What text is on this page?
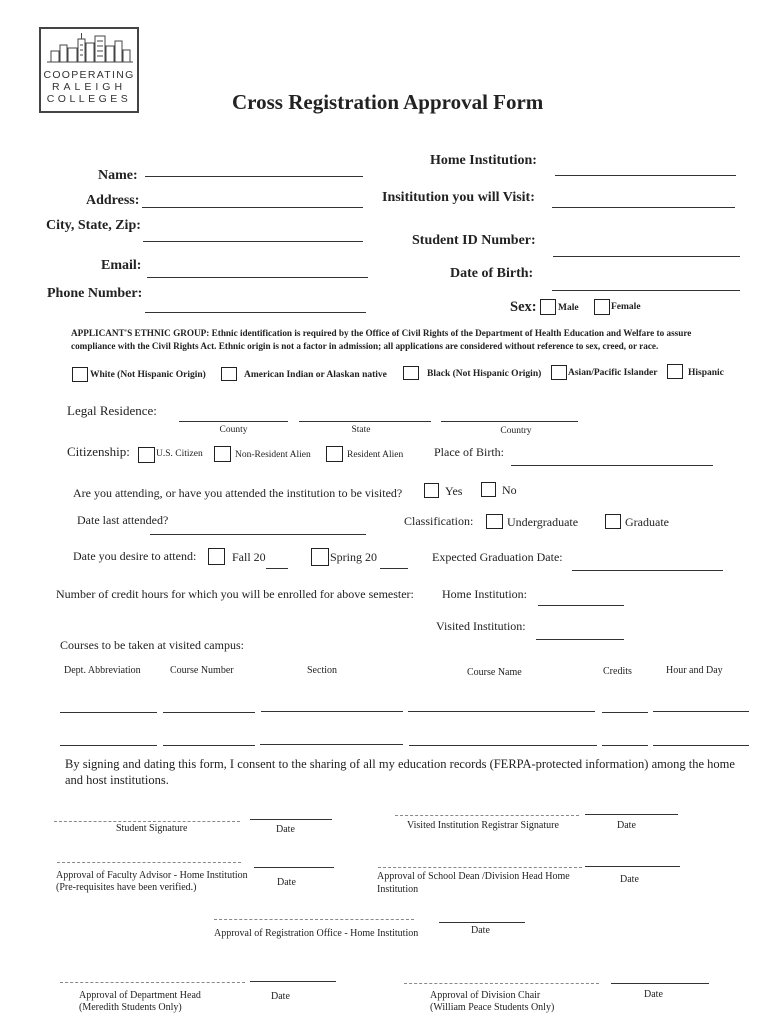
COOPERATING
RALEIGH
COLLEGES	Cross Registration Approval Form
Name:
Address:
City, State, Zip:
Email:
Phone Number:
Home Institution:
Insititution you will Visit:
Student ID Number:
Date of Birth:
Sex: Male	Female
APPLICANT'S ETHNIC GROUP: Ethnic identification is required by the Office of Civil Rights of the Department of Health Education and Welfare to assure compliance with the Civil Rights Act. Ethnic origin is not a factor in admission; all applications are considered without reference to sex, creed, or race.
White (Not Hispanic Origin)	American Indian or Alaskan native	Black (Not Hispanic Origin)	Asian/Pacific Islander	Hispanic
Legal Residence:
County	State	Country
Citizenship:	U.S. Citizen	Non-Resident Alien	Resident Alien	Place of Birth:
Are you attending, or have you attended the institution to be visited?	Yes	No
Date last attended?	Classification:	Undergraduate	Graduate
Date you desire to attend:	Fall 20	Spring 20	Expected Graduation Date:
Number of credit hours for which you will be enrolled for above semester: Home Institution:
Visited Institution:
Courses to be taken at visited campus:
Dept. Abbreviation	Course Number	Section	Course Name	Credits	Hour and Day
By signing and dating this form, I consent to the sharing of all my education records (FERPA-protected information) among the home and host institutions.
Student Signature	Date	Visited Institution Registrar Signature	Date
Approval of Faculty Advisor - Home Institution
(Pre-requisites have been verified.)	Date
Approval of School Dean /Division Head Home
Institution
Date
Approval of Registration Office - Home Institution	Date
Approval of Department Head
(Meredith Students Only)
Date	Approval of Division Chair
(William Peace Students Only)
Date
